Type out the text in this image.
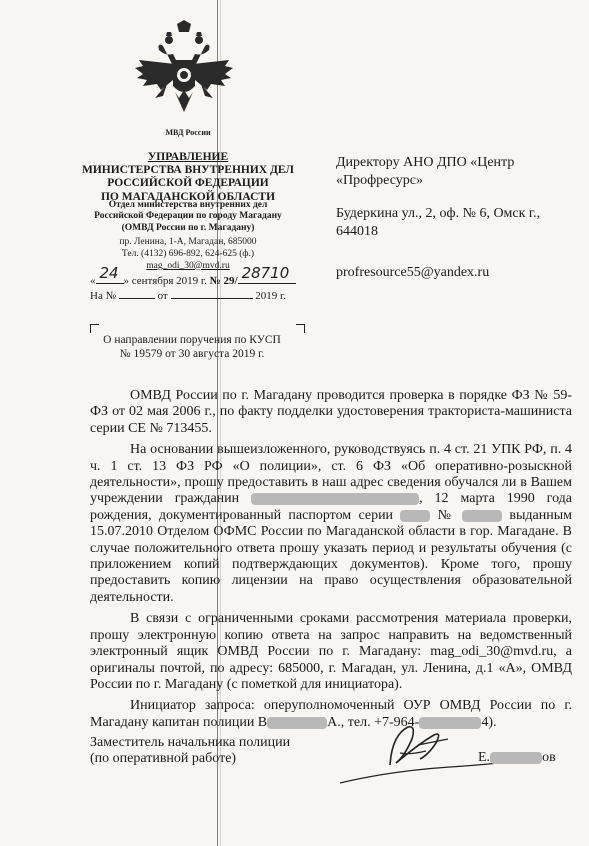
МВД России
УПРАВЛЕНИЕ
МИНИСТЕРСТВА ВНУТРЕННИХ ДЕЛ
РОССИЙСКОЙ ФЕДЕРАЦИИ
ПО МАГАДАНСКОЙ ОБЛАСТИ
Отдел министерства внутренних дел
Российской Федерации по городу Магадану
(ОМВД России по г. Магадану)
пр. Ленина, 1-А, Магадан, 685000
Тел. (4132) 696-892, 624-625 (ф.)
mag_odi_30@mvd.ru
« 24 » сентября 2019 г. № 29/ 28710
На №	от	2019 г.
Директору АНО ДПО «Центр
«Профресурс»
Будеркина ул., 2, оф. № 6, Омск г.,
644018
profresource55@yandex.ru
О направлении поручения по КУСП
№ 19579 от 30 августа 2019 г.

ОМВД России по г. Магадану проводится проверка в порядке ФЗ № 59-ФЗ от 02 мая 2006 г., по факту подделки удостоверения тракториста-машиниста серии СЕ № 713455.

На основании вышеизложенного, руководствуясь п. 4 ст. 21 УПК РФ, п. 4 ч. 1 ст. 13 ФЗ РФ «О полиции», ст. 6 ФЗ «Об оперативно-розыскной деятельности», прошу предоставить в наш адрес сведения обучался ли в Вашем учреждении гражданин	, 12 марта 1990 года рождения, документированный паспортом серии	№	выданным 15.07.2010 Отделом ОФМС России по Магаданской области в гор. Магадане. В случае положительного ответа прошу указать период и результаты обучения (с приложением копий подтверждающих документов). Кроме того, прошу предоставить копию лицензии на право осуществления образовательной деятельности.

В связи с ограниченными сроками рассмотрения материала проверки, прошу электронную копию ответа на запрос направить на ведомственный электронный ящик ОМВД России по г. Магадану: mag_odi_30@mvd.ru, а оригиналы почтой, по адресу: 685000, г. Магадан, ул. Ленина, д.1 «А», ОМВД России по г. Магадану (с пометкой для инициатора).

Инициатор запроса: оперуполномоченный ОУР ОМВД России по г. Магадану капитан полиции В	А., тел. +7-964-	4).

Заместитель начальника полиции
(по оперативной работе)	Е.	ов
